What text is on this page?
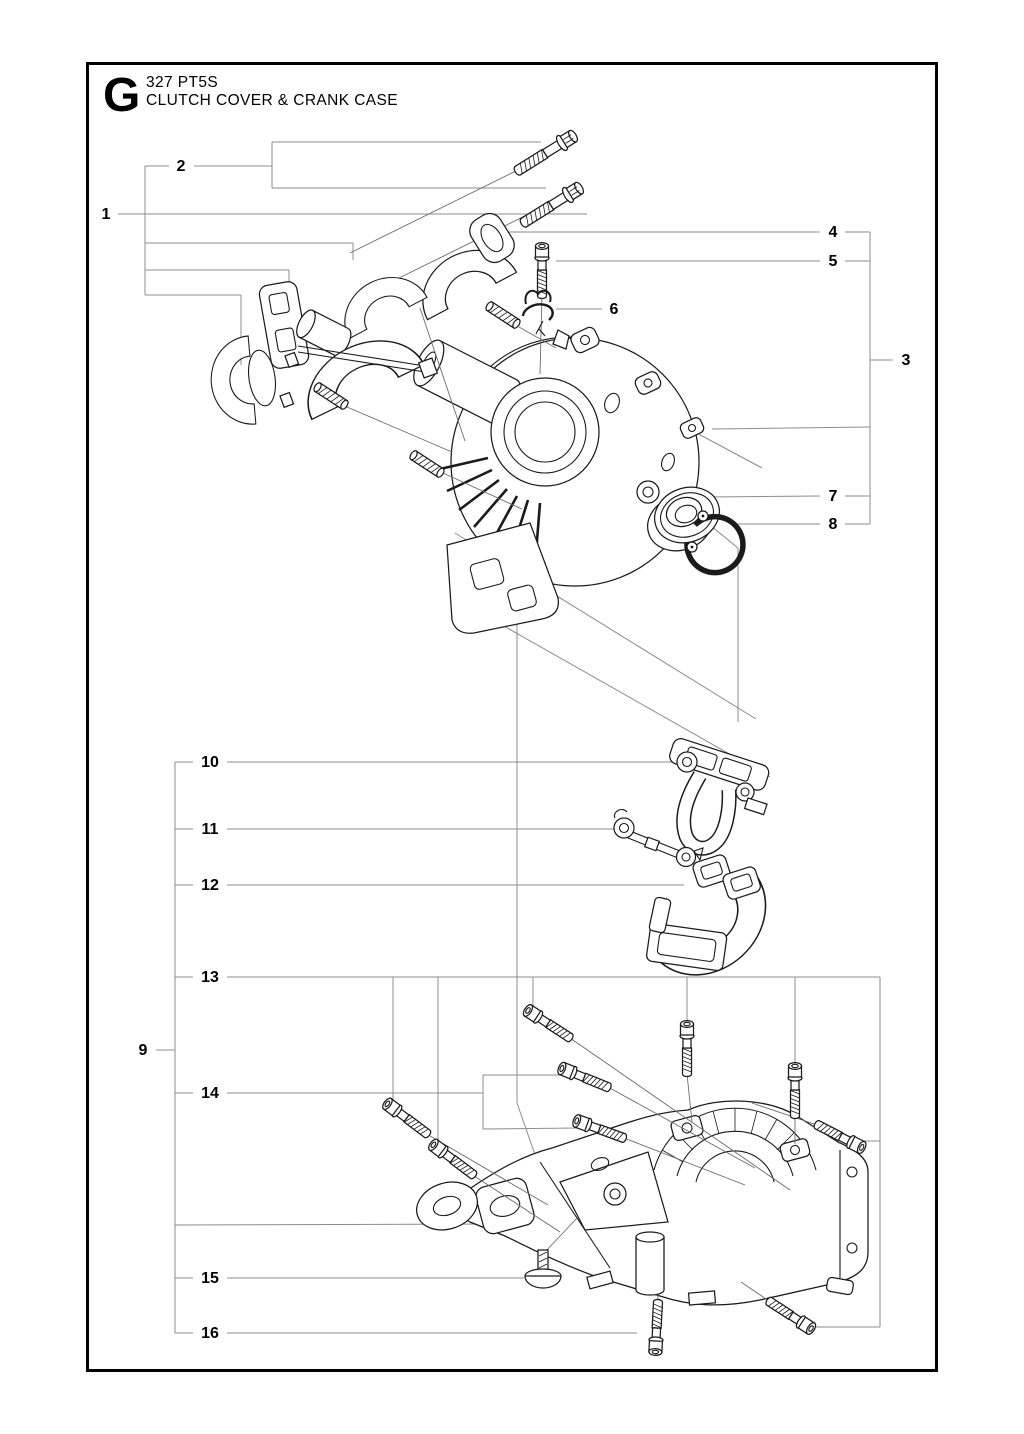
G 327 PT5S
CLUTCH COVER & CRANK CASE
1
2
3
4
5
6
7
8
9
10
11
12
13
14
15
16
